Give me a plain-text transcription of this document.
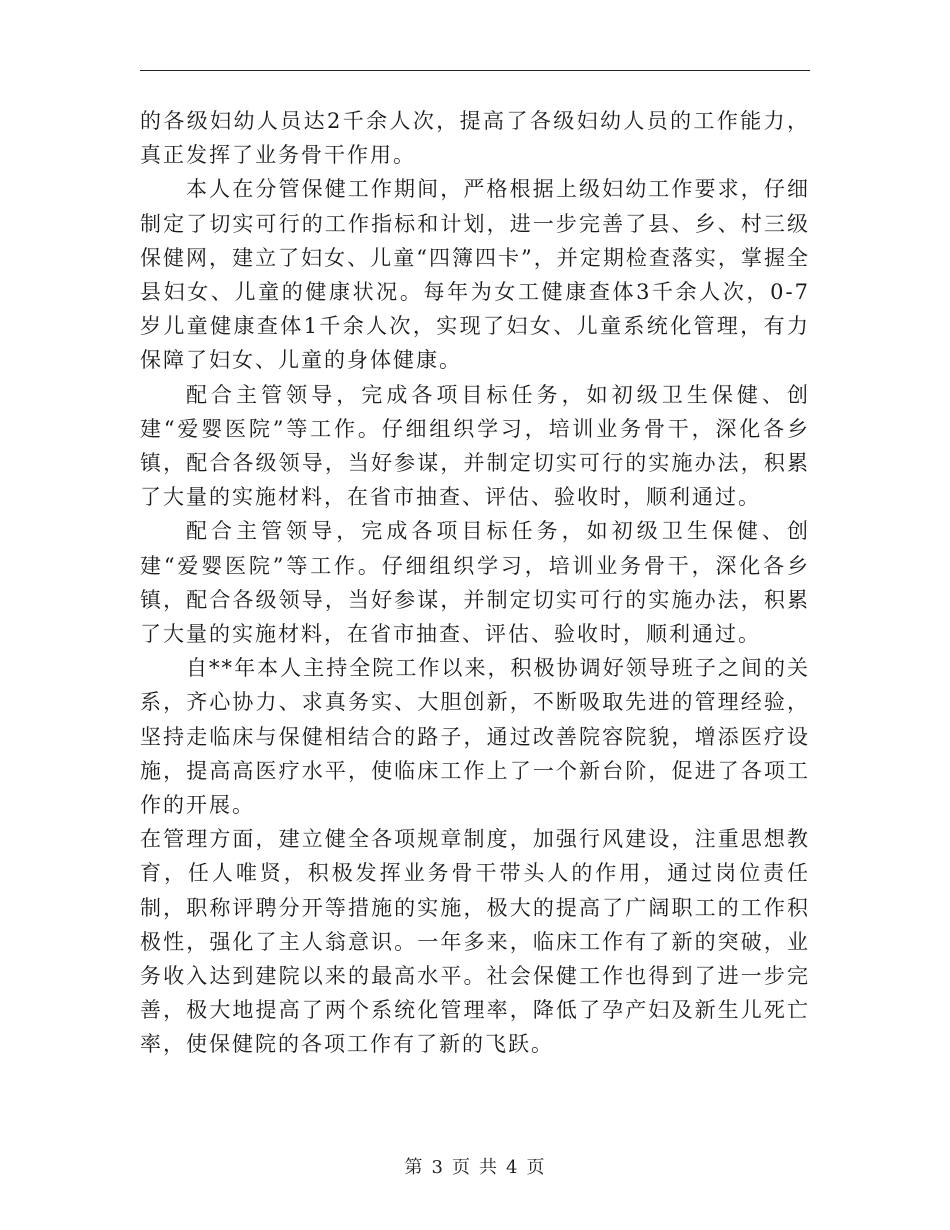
的各级妇幼人员达2千余人次，提高了各级妇幼人员的工作能力，真正发挥了业务骨干作用。

本人在分管保健工作期间，严格根据上级妇幼工作要求，仔细制定了切实可行的工作指标和计划，进一步完善了县、乡、村三级保健网，建立了妇女、儿童“四簿四卡”，并定期检查落实，掌握全县妇女、儿童的健康状况。每年为女工健康查体3千余人次，0-7岁儿童健康查体1千余人次，实现了妇女、儿童系统化管理，有力保障了妇女、儿童的身体健康。

配合主管领导，完成各项目标任务，如初级卫生保健、创建“爱婴医院”等工作。仔细组织学习，培训业务骨干，深化各乡镇，配合各级领导，当好参谋，并制定切实可行的实施办法，积累了大量的实施材料，在省市抽查、评估、验收时，顺利通过。

配合主管领导，完成各项目标任务，如初级卫生保健、创建“爱婴医院”等工作。仔细组织学习，培训业务骨干，深化各乡镇，配合各级领导，当好参谋，并制定切实可行的实施办法，积累了大量的实施材料，在省市抽查、评估、验收时，顺利通过。

自**年本人主持全院工作以来，积极协调好领导班子之间的关系，齐心协力、求真务实、大胆创新，不断吸取先进的管理经验，坚持走临床与保健相结合的路子，通过改善院容院貌，增添医疗设施，提高高医疗水平，使临床工作上了一个新台阶，促进了各项工作的开展。

在管理方面，建立健全各项规章制度，加强行风建设，注重思想教育，任人唯贤，积极发挥业务骨干带头人的作用，通过岗位责任制，职称评聘分开等措施的实施，极大的提高了广阔职工的工作积极性，强化了主人翁意识。一年多来，临床工作有了新的突破，业务收入达到建院以来的最高水平。社会保健工作也得到了进一步完善，极大地提高了两个系统化管理率，降低了孕产妇及新生儿死亡率，使保健院的各项工作有了新的飞跃。

第 3 页 共 4 页
